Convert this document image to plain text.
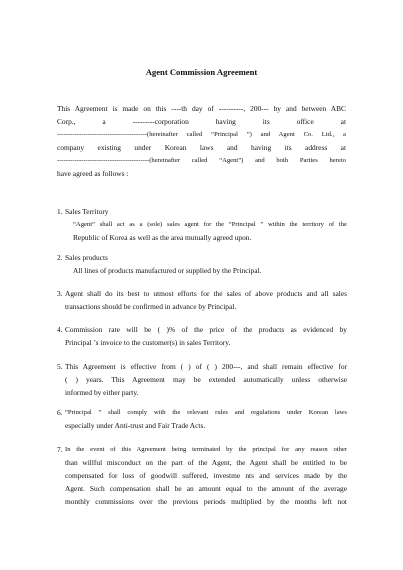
Agent Commission Agreement
This Agreement is made on this ----th day of ----------, 200--- by and between ABC
Corp., a ---------corporation having its office at
-----------------------------------------(hereinafter called “Principal ”) and Agent Co. Ltd., a
company existing under Korean laws and having its address at
------------------------------------------(hereinafter called “Agent”) and both Parties hereto
have agreed as follows :
1. Sales Territory
“Agent” shall act as a (sole) sales agent for the “Principal ” within the territory of the
Republic of Korea as well as the area mutually agreed upon.
2. Sales products
All lines of products manufactured or supplied by the Principal.
3. Agent shall do its best to utmost efforts for the sales of above products and all sales
transactions should be confirmed in advance by Principal.
4. Commission rate will be ( )% of the price of the products as evidenced by
Principal ’s invoice to the customer(s) in sales Territory.
5. This Agreement is effective from ( ) of ( ) 200---, and shall remain effective for
( ) years. This Agreement may be extended automatically unless otherwise
informed by either party.
6. “Principal ” shall comply with the relevant rules and regulations under Korean laws
especially under Anti-trust and Fair Trade Acts.
7. In the event of this Agreement being terminated by the principal for any reason other
than willful misconduct on the part of the Agent, the Agent shall be entitled to be
compensated for loss of goodwill suffered, investme nts and services made by the
Agent. Such compensation shall be an amount equal to the amount of the average
monthly commissions over the previous periods multiplied by the months left not
